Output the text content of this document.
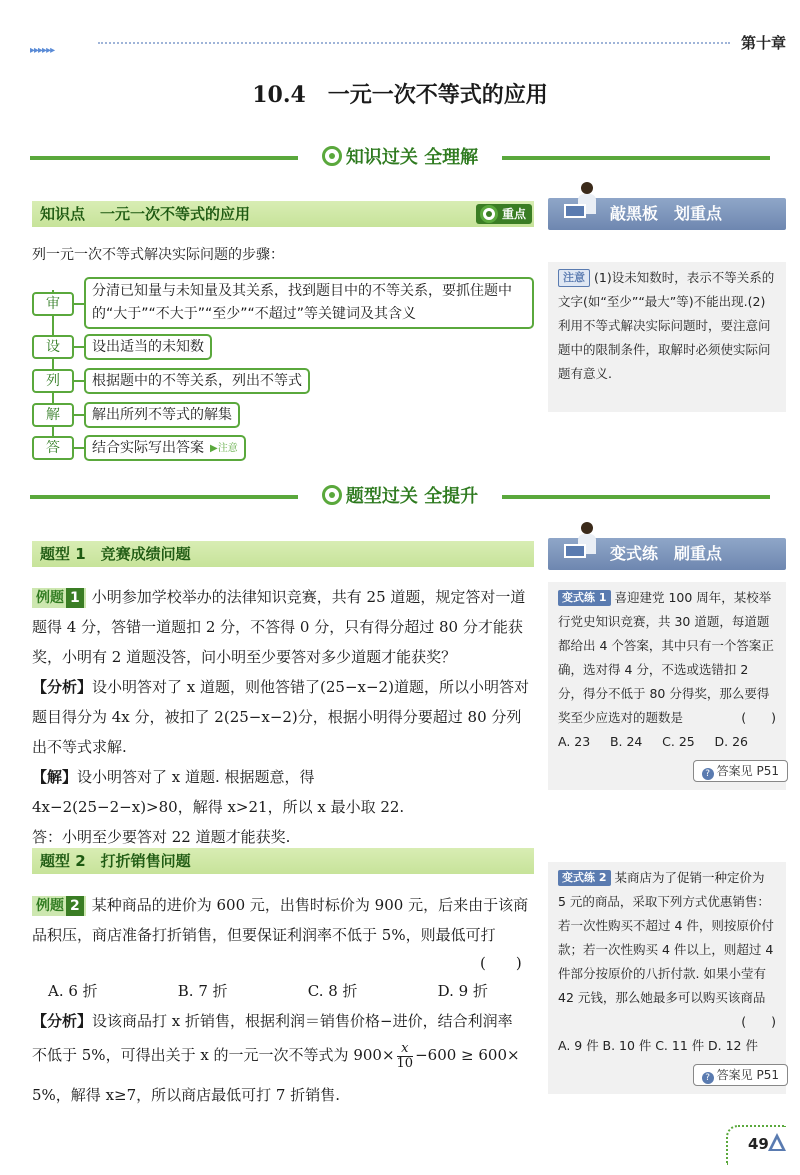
▸▸▸▸▸▸	第十章
10.4　一元一次不等式的应用
知识过关 全理解
知识点　一元一次不等式的应用	重点	敲黑板　划重点
注意 (1)设未知数时，表示不等关系的文字(如“至少”“最大”等)不能出现.(2)利用不等式解决实际问题时，要注意问题中的限制条件，取解时必须使实际问题有意义.
列一元一次不等式解决实际问题的步骤：
审
分清已知量与未知量及其关系，找到题目中的不等关系，要抓住题中的“大于”“不大于”“至少”“不超过”等关键词及其含义
设	设出适当的未知数
列	根据题中的不等关系，列出不等式
解	解出所列不等式的解集
答	结合实际写出答案 ▶注意
题型过关 全提升
题型 1　竞赛成绩问题	变式练　刷重点
例题 1 小明参加学校举办的法律知识竞赛，共有 25 道题，规定答对一道题得 4 分，答错一道题扣 2 分，不答得 0 分，只有得分超过 80 分才能获奖，小明有 2 道题没答，问小明至少要答对多少道题才能获奖？
【分析】设小明答对了 x 道题，则他答错了(25−x−2)道题，所以小明答对题目得分为 4x 分，被扣了 2(25−x−2)分，根据小明得分要超过 80 分列出不等式求解.
【解】设小明答对了 x 道题. 根据题意，得
4x−2(25−2−x)>80，解得 x>21，所以 x 最小取 22.
答：小明至少要答对 22 道题才能获奖.
变式练 1 喜迎建党 100 周年，某校举行党史知识竞赛，共 30 道题，每道题都给出 4 个答案，其中只有一个答案正确，选对得 4 分，不选或选错扣 2 分，得分不低于 80 分得奖，那么要得奖至少应选对的题数是	(　　)
A. 23 B. 24 C. 25 D. 26
? 答案见 P51
题型 2　打折销售问题
例题 2 某种商品的进价为 600 元，出售时标价为 900 元，后来由于该商品积压，商店准备打折销售，但要保证利润率不低于 5%，则最低可打
(　　)
A. 6 折	B. 7 折	C. 8 折	D. 9 折
【分析】设该商品打 x 折销售，根据利润＝销售价格−进价，结合利润率
不低于 5%，可得出关于 x 的一元一次不等式为 $900\times \frac{x}{10} -600 \ge 600\times$
5%，解得 x≥7，所以商店最低可打 7 折销售.
变式练 2 某商店为了促销一种定价为 5 元的商品，采取下列方式优惠销售：若一次性购买不超过 4 件，则按原价付款；若一次性购买 4 件以上，则超过 4 件部分按原价的八折付款. 如果小莹有 42 元钱，那么她最多可以购买该商品
(　　)
A. 9 件 B. 10 件 C. 11 件 D. 12 件
? 答案见 P51
49
